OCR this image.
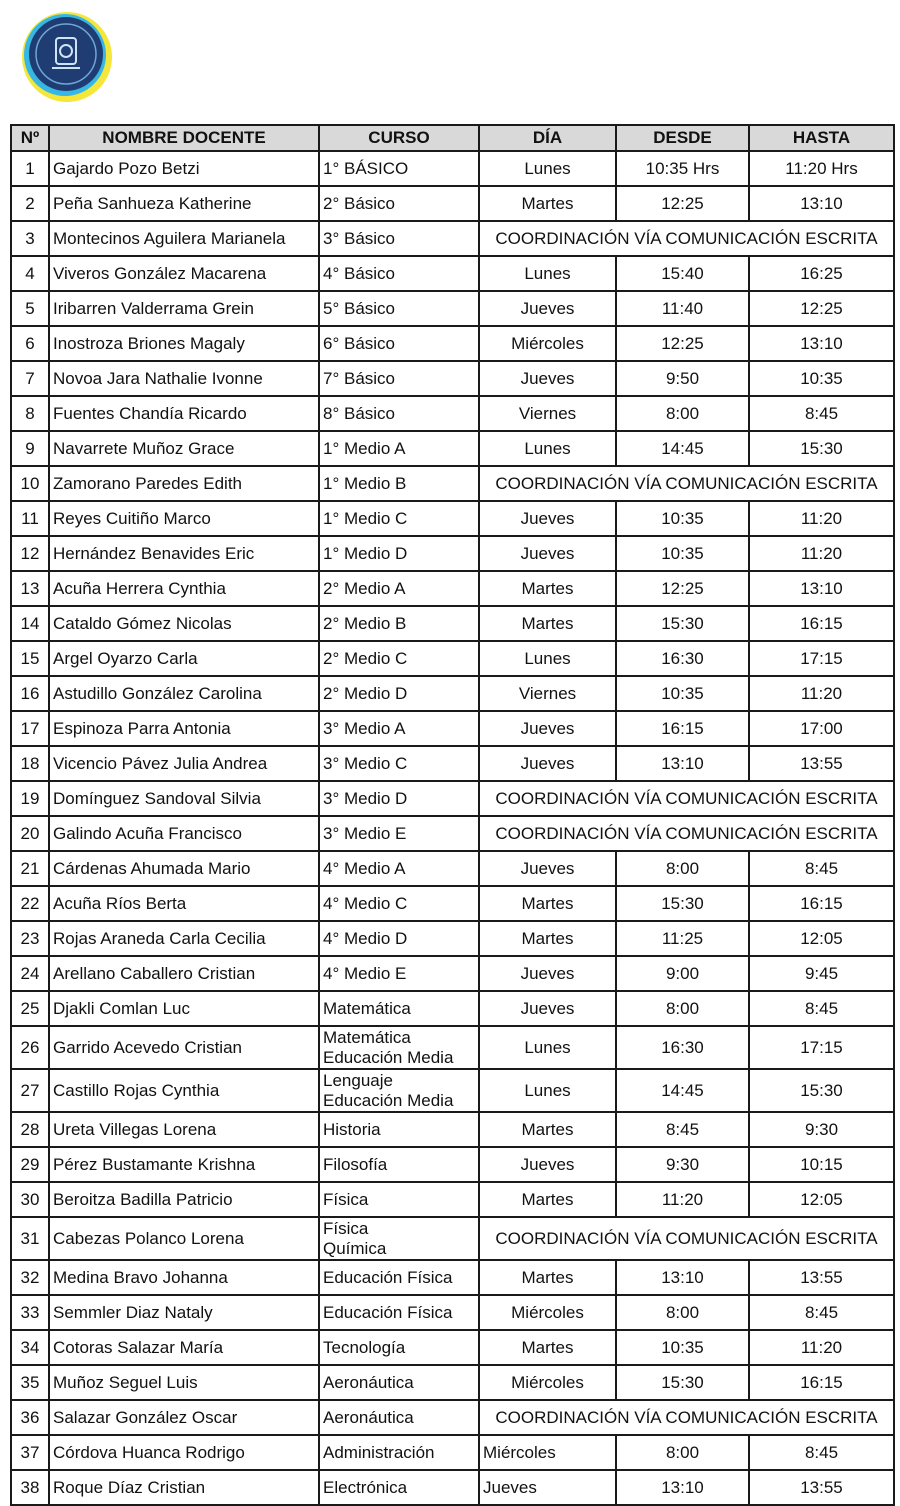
Nº	NOMBRE DOCENTE	CURSO	DÍA	DESDE	HASTA
1	Gajardo Pozo Betzi	1° BÁSICO	Lunes	10:35 Hrs	11:20 Hrs
2	Peña Sanhueza Katherine	2° Básico	Martes	12:25	13:10
3	Montecinos Aguilera Marianela	3° Básico	COORDINACIÓN VÍA COMUNICACIÓN ESCRITA		
4	Viveros González Macarena	4° Básico	Lunes	15:40	16:25
5	Iribarren Valderrama Grein	5° Básico	Jueves	11:40	12:25
6	Inostroza Briones Magaly	6° Básico	Miércoles	12:25	13:10
7	Novoa Jara Nathalie Ivonne	7° Básico	Jueves	9:50	10:35
8	Fuentes Chandía Ricardo	8° Básico	Viernes	8:00	8:45
9	Navarrete Muñoz Grace	1° Medio A	Lunes	14:45	15:30
10	Zamorano Paredes Edith	1° Medio B	COORDINACIÓN VÍA COMUNICACIÓN ESCRITA		
11	Reyes Cuitiño Marco	1° Medio C	Jueves	10:35	11:20
12	Hernández Benavides Eric	1° Medio D	Jueves	10:35	11:20
13	Acuña Herrera Cynthia	2° Medio A	Martes	12:25	13:10
14	Cataldo Gómez Nicolas	2° Medio B	Martes	15:30	16:15
15	Argel Oyarzo Carla	2° Medio C	Lunes	16:30	17:15
16	Astudillo González Carolina	2° Medio D	Viernes	10:35	11:20
17	Espinoza Parra Antonia	3° Medio A	Jueves	16:15	17:00
18	Vicencio Pávez Julia Andrea	3° Medio C	Jueves	13:10	13:55
19	Domínguez Sandoval Silvia	3° Medio D	COORDINACIÓN VÍA COMUNICACIÓN ESCRITA		
20	Galindo Acuña Francisco	3° Medio E	COORDINACIÓN VÍA COMUNICACIÓN ESCRITA		
21	Cárdenas Ahumada Mario	4° Medio A	Jueves	8:00	8:45
22	Acuña Ríos Berta	4° Medio C	Martes	15:30	16:15
23	Rojas Araneda Carla Cecilia	4° Medio D	Martes	11:25	12:05
24	Arellano Caballero Cristian	4° Medio E	Jueves	9:00	9:45
25	Djakli Comlan Luc	Matemática	Jueves	8:00	8:45
26	Garrido Acevedo Cristian	Matemática
Educación Media	Lunes	16:30	17:15
27	Castillo Rojas Cynthia	Lenguaje
Educación Media	Lunes	14:45	15:30
28	Ureta Villegas Lorena	Historia	Martes	8:45	9:30
29	Pérez Bustamante Krishna	Filosofía	Jueves	9:30	10:15
30	Beroitza Badilla Patricio	Física	Martes	11:20	12:05
31	Cabezas Polanco Lorena	Física
Química	COORDINACIÓN VÍA COMUNICACIÓN ESCRITA		
32	Medina Bravo Johanna	Educación Física	Martes	13:10	13:55
33	Semmler Diaz Nataly	Educación Física	Miércoles	8:00	8:45
34	Cotoras Salazar María	Tecnología	Martes	10:35	11:20
35	Muñoz Seguel Luis	Aeronáutica	Miércoles	15:30	16:15
36	Salazar González Oscar	Aeronáutica	COORDINACIÓN VÍA COMUNICACIÓN ESCRITA		
37	Córdova Huanca Rodrigo	Administración	Miércoles	8:00	8:45
38	Roque Díaz Cristian	Electrónica	Jueves	13:10	13:55
